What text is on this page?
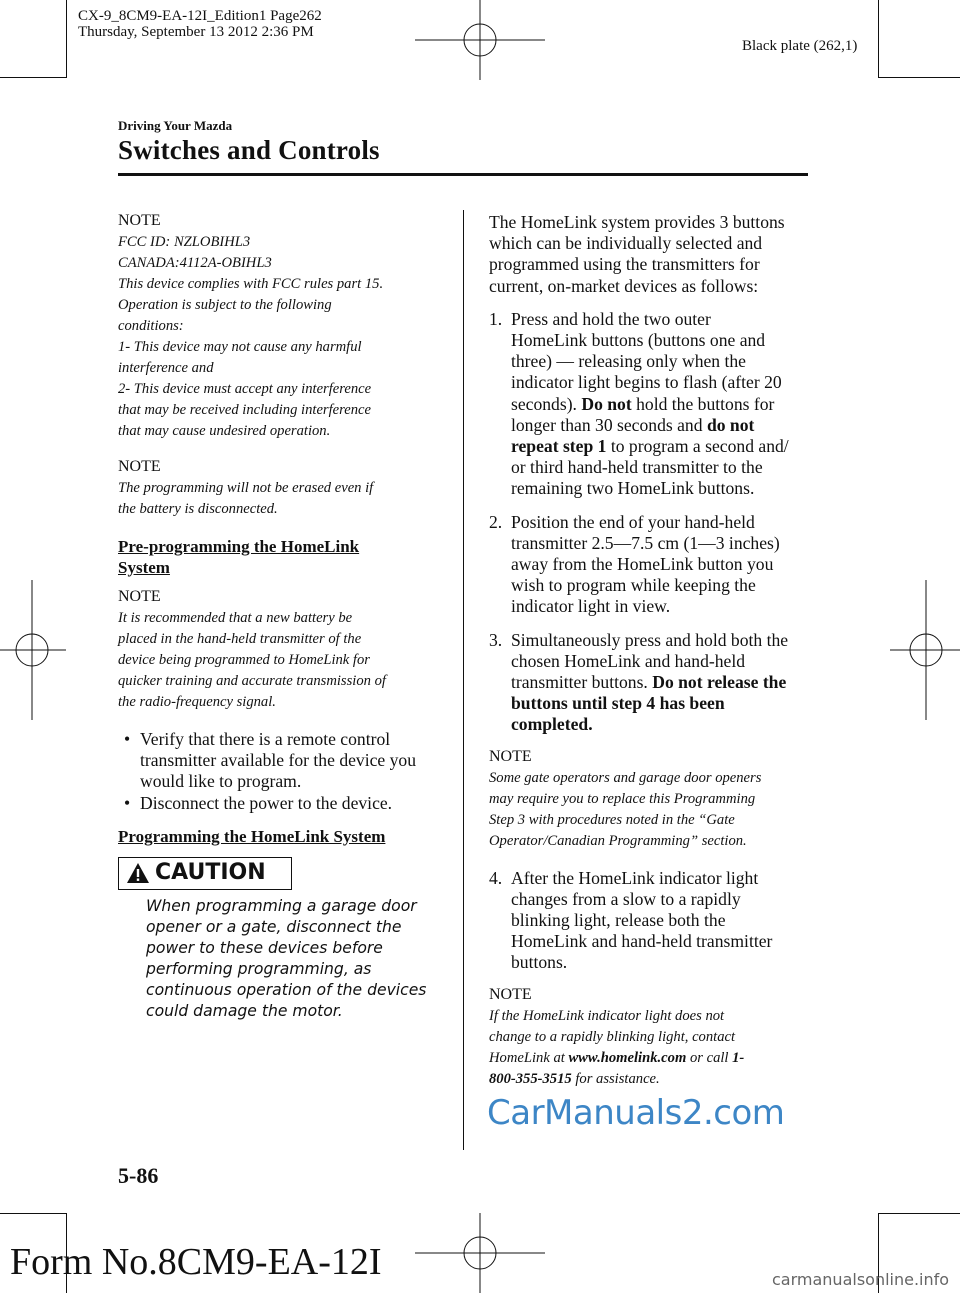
CX-9_8CM9-EA-12I_Edition1 Page262
Thursday, September 13 2012 2:36 PM
Black plate (262,1)
Driving Your Mazda
Switches and Controls
NOTE

FCC ID: NZLOBIHL3

CANADA:4112A-OBIHL3

This device complies with FCC rules part 15.

Operation is subject to the following

conditions:

1- This device may not cause any harmful

interference and

2- This device must accept any interference

that may be received including interference

that may cause undesired operation.

NOTE

The programming will not be erased even if

the battery is disconnected.

Pre-programming the HomeLink

System

NOTE

It is recommended that a new battery be

placed in the hand-held transmitter of the

device being programmed to HomeLink for

quicker training and accurate transmission of

the radio-frequency signal.

• Verify that there is a remote control
transmitter available for the device you
would like to program.
• Disconnect the power to the device.

Programming the HomeLink System

CAUTION
When programming a garage door
opener or a gate, disconnect the
power to these devices before
performing programming, as
continuous operation of the devices
could damage the motor.

The HomeLink system provides 3 buttons

which can be individually selected and

programmed using the transmitters for

current, on-market devices as follows:

1. Press and hold the two outer
HomeLink buttons (buttons one and
three) ― releasing only when the
indicator light begins to flash (after 20
seconds). Do not hold the buttons for
longer than 30 seconds and do not
repeat step 1 to program a second and/
or third hand-held transmitter to the
remaining two HomeLink buttons.
2. Position the end of your hand-held
transmitter 2.5―7.5 cm (1―3 inches)
away from the HomeLink button you
wish to program while keeping the
indicator light in view.
3. Simultaneously press and hold both the
chosen HomeLink and hand-held
transmitter buttons. Do not release the
buttons until step 4 has been
completed.
NOTE

Some gate operators and garage door openers

may require you to replace this Programming

Step 3 with procedures noted in the “Gate

Operator/Canadian Programming” section.

4. After the HomeLink indicator light
changes from a slow to a rapidly
blinking light, release both the
HomeLink and hand-held transmitter
buttons.
NOTE

If the HomeLink indicator light does not

change to a rapidly blinking light, contact

HomeLink at www.homelink.com or call 1-

800-355-3515 for assistance.

CarManuals2.com
5-86
Form No.8CM9-EA-12I	carmanualsonline.info
